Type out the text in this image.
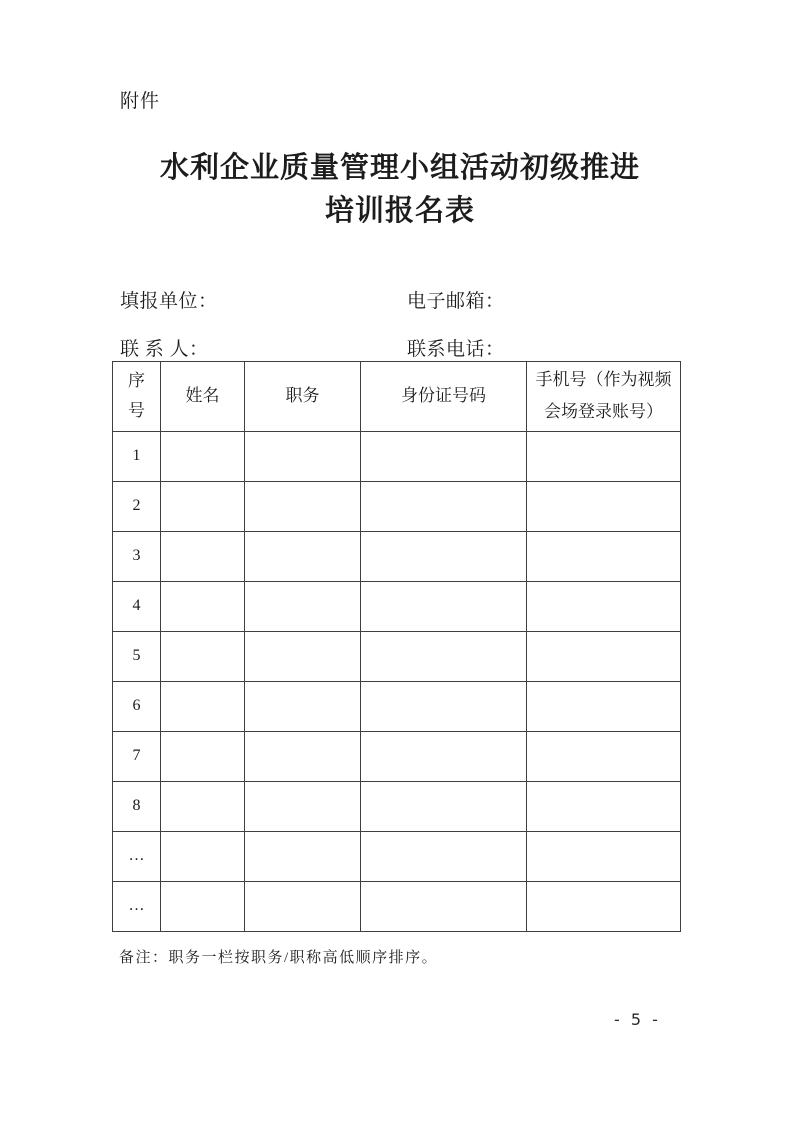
附件
水利企业质量管理小组活动初级推进
培训报名表
填报单位：	电子邮箱：
联 系 人：	联系电话：
序号	姓名	职务	身份证号码	手机号（作为视频会场登录账号）
1				
2				
3				
4				
5				
6				
7				
8				
…				
…				
备注：职务一栏按职务/职称高低顺序排序。
- 5 -
